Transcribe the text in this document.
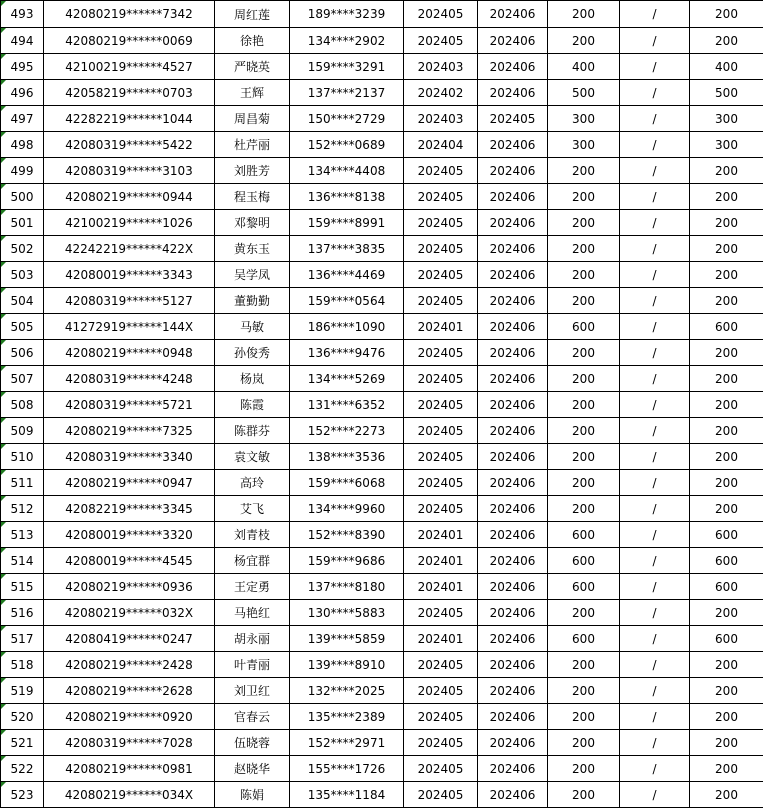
493	42080219******7342	周红莲	189****3239	202405	202406	200	/	200
494	42080219******0069	徐艳	134****2902	202405	202406	200	/	200
495	42100219******4527	严晓英	159****3291	202403	202406	400	/	400
496	42058219******0703	王辉	137****2137	202402	202406	500	/	500
497	42282219******1044	周昌菊	150****2729	202403	202405	300	/	300
498	42080319******5422	杜芹丽	152****0689	202404	202406	300	/	300
499	42080319******3103	刘胜芳	134****4408	202405	202406	200	/	200
500	42080219******0944	程玉梅	136****8138	202405	202406	200	/	200
501	42100219******1026	邓黎明	159****8991	202405	202406	200	/	200
502	42242219******422X	黄东玉	137****3835	202405	202406	200	/	200
503	42080019******3343	吴学凤	136****4469	202405	202406	200	/	200
504	42080319******5127	董勤勤	159****0564	202405	202406	200	/	200
505	41272919******144X	马敏	186****1090	202401	202406	600	/	600
506	42080219******0948	孙俊秀	136****9476	202405	202406	200	/	200
507	42080319******4248	杨岚	134****5269	202405	202406	200	/	200
508	42080319******5721	陈霞	131****6352	202405	202406	200	/	200
509	42080219******7325	陈群芬	152****2273	202405	202406	200	/	200
510	42080319******3340	袁文敏	138****3536	202405	202406	200	/	200
511	42080219******0947	高玲	159****6068	202405	202406	200	/	200
512	42082219******3345	艾飞	134****9960	202405	202406	200	/	200
513	42080019******3320	刘青枝	152****8390	202401	202406	600	/	600
514	42080019******4545	杨宜群	159****9686	202401	202406	600	/	600
515	42080219******0936	王定勇	137****8180	202401	202406	600	/	600
516	42080219******032X	马艳红	130****5883	202405	202406	200	/	200
517	42080419******0247	胡永丽	139****5859	202401	202406	600	/	600
518	42080219******2428	叶青丽	139****8910	202405	202406	200	/	200
519	42080219******2628	刘卫红	132****2025	202405	202406	200	/	200
520	42080219******0920	官春云	135****2389	202405	202406	200	/	200
521	42080319******7028	伍晓蓉	152****2971	202405	202406	200	/	200
522	42080219******0981	赵晓华	155****1726	202405	202406	200	/	200
523	42080219******034X	陈娟	135****1184	202405	202406	200	/	200
